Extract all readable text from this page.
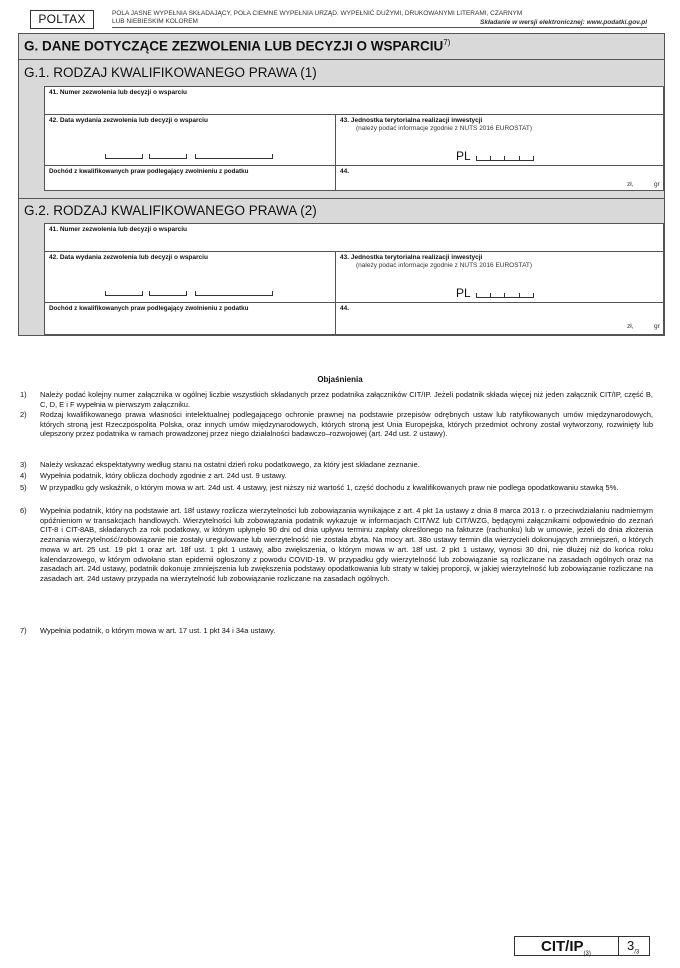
POLTAX	POLA JASNE WYPEŁNIA SKŁADAJĄCY, POLA CIEMNE WYPEŁNIA URZĄD. WYPEŁNIĆ DUŻYMI, DRUKOWANYMI LITERAMI, CZARNYM LUB NIEBIESKIM KOLOREM	Składanie w wersji elektronicznej: www.podatki.gov.pl
G. DANE DOTYCZĄCE ZEZWOLENIA LUB DECYZJI O WSPARCIU$^{7)}$
G.1. RODZAJ KWALIFIKOWANEGO PRAWA (1)
41. Numer zezwolenia lub decyzji o wsparciu
42. Data wydania zezwolenia lub decyzji o wsparciu	43. Jednostka terytorialna realizacji inwestycji
(należy podać informacje zgodnie z NUTS 2016 EUROSTAT)
PL
Dochód z kwalifikowanych praw podlegający zwolnieniu z podatku	44.
zł,	gr
G.2. RODZAJ KWALIFIKOWANEGO PRAWA (2)
41. Numer zezwolenia lub decyzji o wsparciu
42. Data wydania zezwolenia lub decyzji o wsparciu	43. Jednostka terytorialna realizacji inwestycji
(należy podać informacje zgodnie z NUTS 2016 EUROSTAT)
PL
Dochód z kwalifikowanych praw podlegający zwolnieniu z podatku	44.
zł,	gr
Objaśnienia
1) Należy podać kolejny numer załącznika w ogólnej liczbie wszystkich składanych przez podatnika załączników CIT/IP. Jeżeli podatnik składa więcej niż jeden załącznik CIT/IP, część B, C, D, E i F wypełnia w pierwszym załączniku.
2) Rodzaj kwalifikowanego prawa własności intelektualnej podlegającego ochronie prawnej na podstawie przepisów odrębnych ustaw lub ratyfikowanych umów międzynarodowych, których stroną jest Rzeczpospolita Polska, oraz innych umów międzynarodowych, których stroną jest Unia Europejska, których przedmiot ochrony został wytworzony, rozwinięty lub ulepszony przez podatnika w ramach prowadzonej przez niego działalności badawczo–rozwojowej (art. 24d ust. 2 ustawy).
3) Należy wskazać ekspektatywny według stanu na ostatni dzień roku podatkowego, za który jest składane zeznanie.
4) Wypełnia podatnik, który oblicza dochody zgodnie z art. 24d ust. 9 ustawy.
5) W przypadku gdy wskaźnik, o którym mowa w art. 24d ust. 4 ustawy, jest niższy niż wartość 1, część dochodu z kwalifikowanych praw nie podlega opodatkowaniu stawką 5%.
6) Wypełnia podatnik, który na podstawie art. 18f ustawy rozlicza wierzytelności lub zobowiązania wynikające z art. 4 pkt 1a ustawy z dnia 8 marca 2013 r. o przeciwdziałaniu nadmiernym opóźnieniom w transakcjach handlowych. Wierzytelności lub zobowiązania podatnik wykazuje w informacjach CIT/WZ lub CIT/WZG, będącymi załącznikami odpowiednio do zeznań CIT-8 i CIT-8AB, składanych za rok podatkowy, w którym upłynęło 90 dni od dnia upływu terminu zapłaty określonego na fakturze (rachunku) lub w umowie, jeżeli do dnia złożenia zeznania wierzytelność/zobowiązanie nie zostały uregulowane lub wierzytelność nie została zbyta. Na mocy art. 38o ustawy termin dla wierzycieli dokonujących zmniejszeń, o których mowa w art. 25 ust. 19 pkt 1 oraz art. 18f ust. 1 pkt 1 ustawy, albo zwiększenia, o którym mowa w art. 18f ust. 2 pkt 1 ustawy, wynosi 30 dni, nie dłużej niż do końca roku kalendarzowego, w którym odwołano stan epidemii ogłoszony z powodu COVID-19. W przypadku gdy wierzytelność lub zobowiązanie są rozliczane na zasadach ogólnych oraz na zasadach art. 24d ustawy, podatnik dokonuje zmniejszenia lub zwiększenia podstawy opodatkowania lub straty w takiej proporcji, w jakiej wierzytelność lub zobowiązanie rozliczane na zasadach art. 24d ustawy przypada na wierzytelność lub zobowiązanie rozliczane na zasadach ogólnych.
7) Wypełnia podatnik, o którym mowa w art. 17 ust. 1 pkt 34 i 34a ustawy.
CIT/$IP_{(3)}$
$3_{/3}$
